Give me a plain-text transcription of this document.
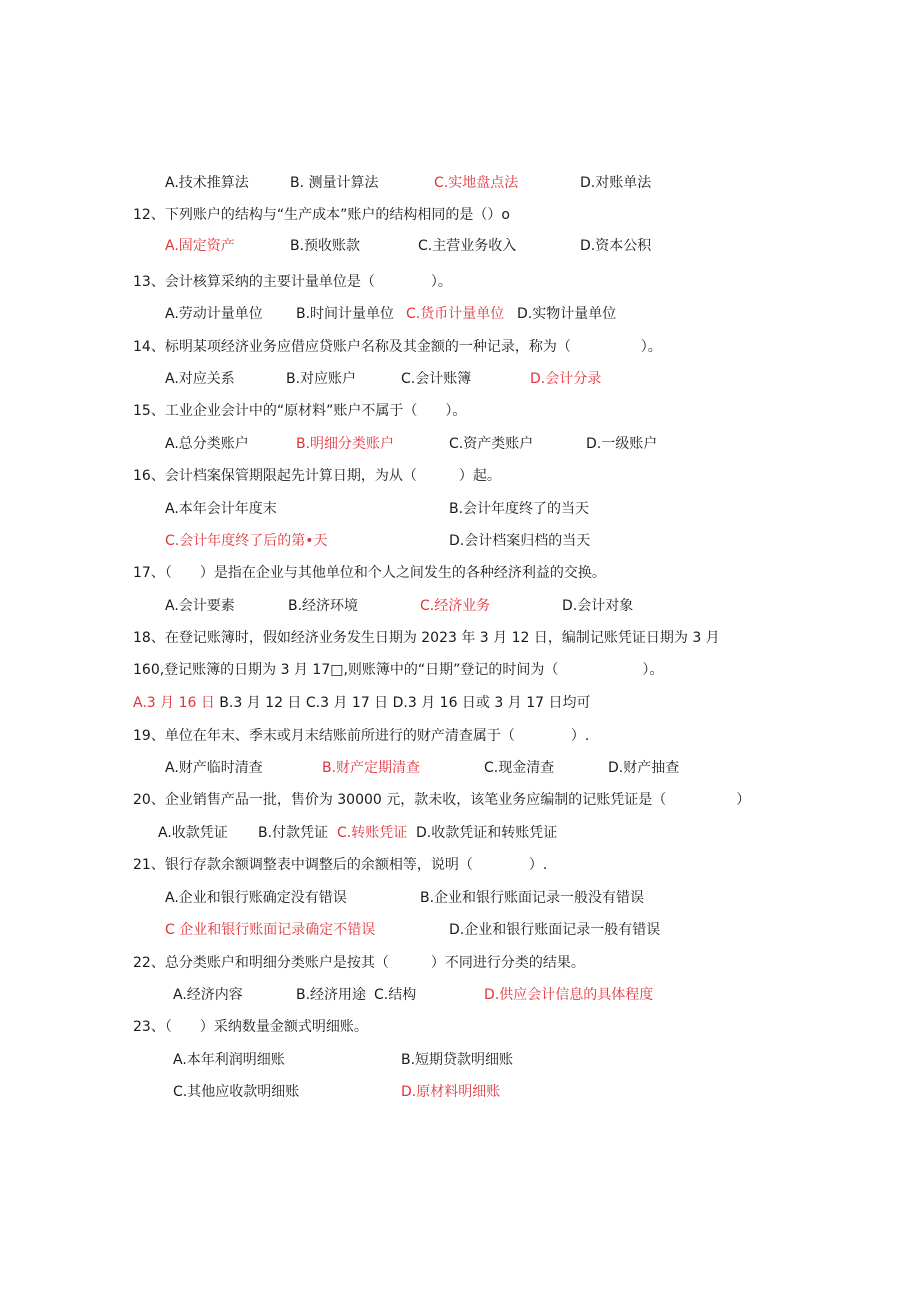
A.技术推算法	B. 测量计算法	C.实地盘点法	D.对账单法
12、下列账户的结构与“生产成本”账户的结构相同的是（）o
A.固定资产	B.预收账款	C.主营业务收入	D.资本公积
13、会计核算采纳的主要计量单位是（　　　　）。
A.劳动计量单位 B.时间计量单位 C.货币计量单位 D.实物计量单位
14、标明某项经济业务应借应贷账户名称及其金额的一种记录，称为（　　　　　）。
A.对应关系	B.对应账户	C.会计账簿	D.会计分录
15、工业企业会计中的“原材料”账户不属于（　　）。
A.总分类账户	B.明细分类账户	C.资产类账户	D.一级账户
16、会计档案保管期限起先计算日期，为从（　　　）起。
A.本年会计年度末	B.会计年度终了的当天
C.会计年度终了后的第•天	D.会计档案归档的当天
17、（　　）是指在企业与其他单位和个人之间发生的各种经济利益的交换。
A.会计要素	B.经济环境	C.经济业务	D.会计对象
18、在登记账簿时，假如经济业务发生日期为 2023 年 3 月 12 日，编制记账凭证日期为 3 月
160,登记账簿的日期为 3 月 17□,则账簿中的“日期”登记的时间为（　　　　　　）。
A.3 月 16 日 B.3 月 12 日 C.3 月 17 日 D.3 月 16 日或 3 月 17 日均可
19、单位在年末、季末或月末结账前所进行的财产清查属于（　　　　）.
A.财产临时清查	B.财产定期清查	C.现金清查	D.财产抽查
20、企业销售产品一批，售价为 30000 元，款未收，该笔业务应编制的记账凭证是（　　　　　）
A.收款凭证 B.付款凭证 C.转账凭证 D.收款凭证和转账凭证
21、银行存款余额调整表中调整后的余额相等，说明（　　　　）.
A.企业和银行账确定没有错误	B.企业和银行账面记录一般没有错误
C 企业和银行账面记录确定不错误	D.企业和银行账面记录一般有错误
22、总分类账户和明细分类账户是按其（　　　）不同进行分类的结果。
A.经济内容	B.经济用途 C.结构	D.供应会计信息的具体程度
23、（　　）采纳数量金额式明细账。
A.本年利润明细账	B.短期贷款明细账
C.其他应收款明细账	D.原材料明细账
